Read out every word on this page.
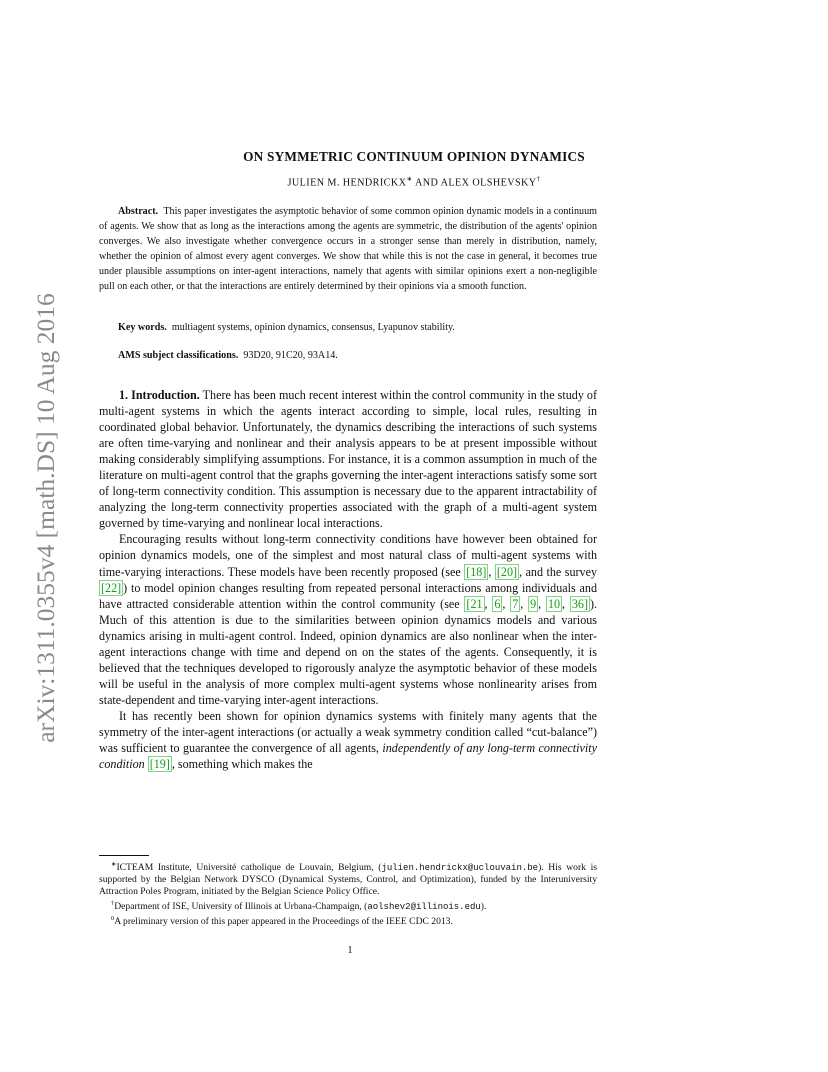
arXiv:1311.0355v4 [math.DS] 10 Aug 2016
ON SYMMETRIC CONTINUUM OPINION DYNAMICS
JULIEN M. HENDRICKX∗ AND ALEX OLSHEVSKY†

Abstract. This paper investigates the asymptotic behavior of some common opinion dynamic models in a continuum of agents. We show that as long as the interactions among the agents are symmetric, the distribution of the agents' opinion converges. We also investigate whether convergence occurs in a stronger sense than merely in distribution, namely, whether the opinion of almost every agent converges. We show that while this is not the case in general, it becomes true under plausible assumptions on inter-agent interactions, namely that agents with similar opinions exert a non-negligible pull on each other, or that the interactions are entirely determined by their opinions via a smooth function.

Key words. multiagent systems, opinion dynamics, consensus, Lyapunov stability.

AMS subject classifications. 93D20, 91C20, 93A14.

1. Introduction. There has been much recent interest within the control community in the study of multi-agent systems in which the agents interact according to simple, local rules, resulting in coordinated global behavior. Unfortunately, the dynamics describing the interactions of such systems are often time-varying and nonlinear and their analysis appears to be at present impossible without making considerably simplifying assumptions. For instance, it is a common assumption in much of the literature on multi-agent control that the graphs governing the inter-agent interactions satisfy some sort of long-term connectivity condition. This assumption is necessary due to the apparent intractability of analyzing the long-term connectivity properties associated with the graph of a multi-agent system governed by time-varying and nonlinear local interactions.

Encouraging results without long-term connectivity conditions have however been obtained for opinion dynamics models, one of the simplest and most natural class of multi-agent systems with time-varying interactions. These models have been recently proposed (see [18] , [20] , and the survey [22] ) to model opinion changes resulting from repeated personal interactions among individuals and have attracted considerable attention within the control community (see [21 , 6 , 7 , 9 , 10 , 36] ). Much of this attention is due to the similarities between opinion dynamics models and various dynamics arising in multi-agent control. Indeed, opinion dynamics are also nonlinear when the inter-agent interactions change with time and depend on on the states of the agents. Consequently, it is believed that the techniques developed to rigorously analyze the asymptotic behavior of these models will be useful in the analysis of more complex multi-agent systems whose nonlinearity arises from state-dependent and time-varying inter-agent interactions.

It has recently been shown for opinion dynamics systems with finitely many agents that the symmetry of the inter-agent interactions (or actually a weak symmetry condition called “cut-balance”) was sufficient to guarantee the convergence of all agents, independently of any long-term connectivity condition [19] , something which makes the

∗ICTEAM Institute, Université catholique de Louvain, Belgium, (julien.hendrickx@uclouvain.be). His work is supported by the Belgian Network DYSCO (Dynamical Systems, Control, and Optimization), funded by the Interuniversity Attraction Poles Program, initiated by the Belgian Science Policy Office.

†Department of ISE, University of Illinois at Urbana-Champaign, (aolshev2@illinois.edu).

$^0$A preliminary version of this paper appeared in the Proceedings of the IEEE CDC 2013.

1
